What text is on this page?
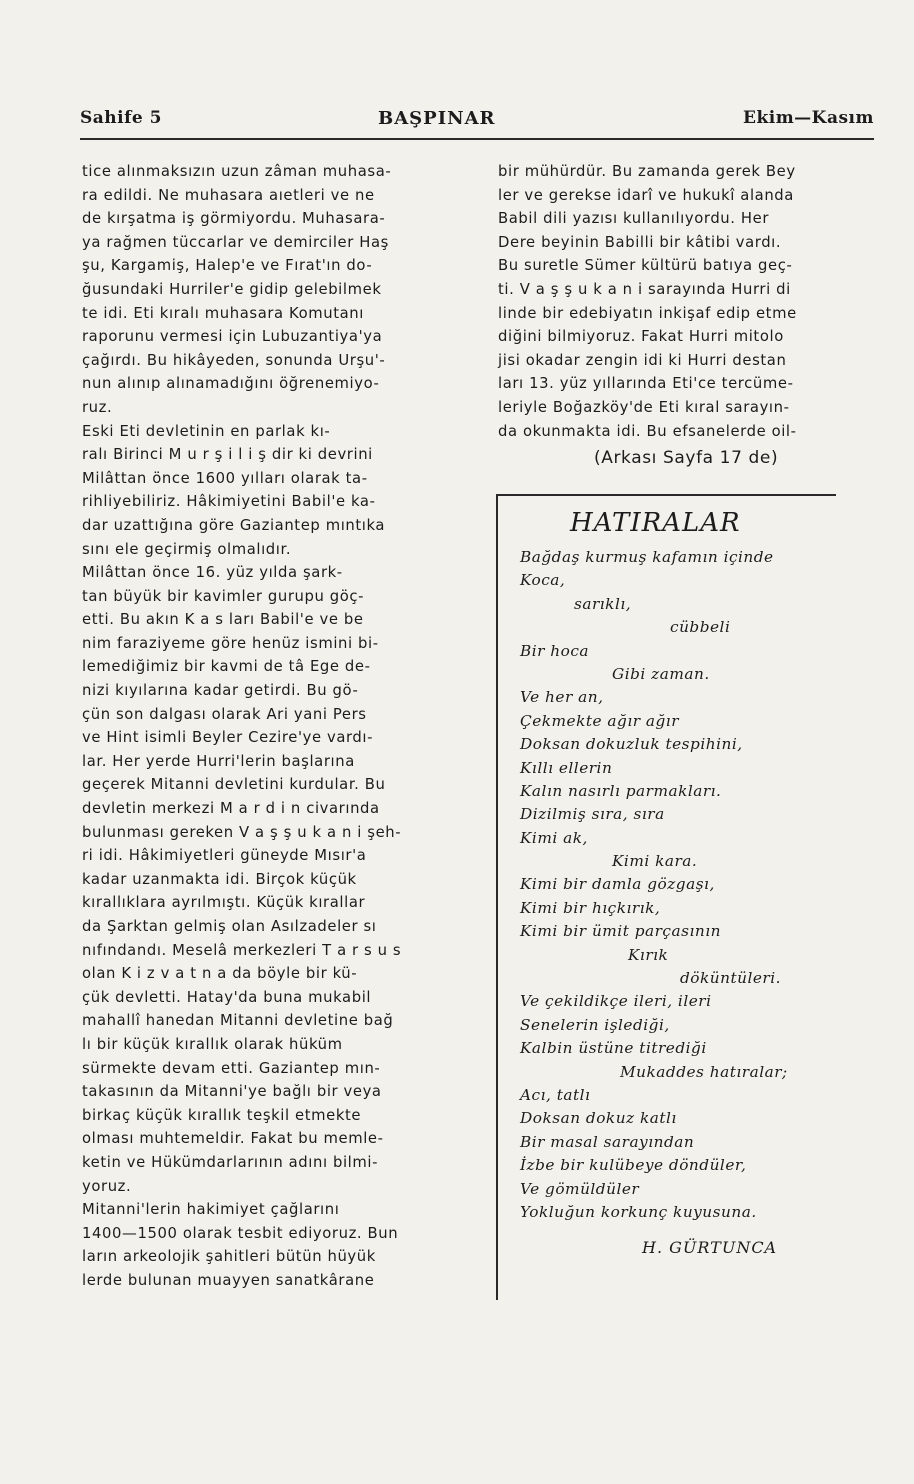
Sahife 5	BAŞPINAR	Ekim—Kasım
tice alınmaksızın uzun zâman muhasa-
ra edildi. Ne muhasara aıetleri ve ne
de kırşatma iş görmiyordu. Muhasara-
ya rağmen tüccarlar ve demirciler Haş
şu, Kargamiş, Halep'e ve Fırat'ın do-
ğusundaki Hurriler'e gidip gelebilmek
te idi. Eti kıralı muhasara Komutanı
raporunu vermesi için Lubuzantiya'ya
çağırdı. Bu hikâyeden, sonunda Urşu'-
nun alınıp alınamadığını öğrenemiyo-
ruz.
Eski Eti devletinin en parlak kı-
ralı Birinci M u r ş i l i ş dir ki devrini
Milâttan önce 1600 yılları olarak ta-
rihliyebiliriz. Hâkimiyetini Babil'e ka-
dar uzattığına göre Gaziantep mıntıka
sını ele geçirmiş olmalıdır.
Milâttan önce 16. yüz yılda şark-
tan büyük bir kavimler gurupu göç-
etti. Bu akın K a s ları Babil'e ve be
nim faraziyeme göre henüz ismini bi-
lemediğimiz bir kavmi de tâ Ege de-
nizi kıyılarına kadar getirdi. Bu gö-
çün son dalgası olarak Ari yani Pers
ve Hint isimli Beyler Cezire'ye vardı-
lar. Her yerde Hurri'lerin başlarına
geçerek Mitanni devletini kurdular. Bu
devletin merkezi M a r d i n civarında
bulunması gereken V a ş ş u k a n i şeh-
ri idi. Hâkimiyetleri güneyde Mısır'a
kadar uzanmakta idi. Birçok küçük
kırallıklara ayrılmıştı. Küçük kırallar
da Şarktan gelmiş olan Asılzadeler sı
nıfındandı. Meselâ merkezleri T a r s u s
olan K i z v a t n a da böyle bir kü-
çük devletti. Hatay'da buna mukabil
mahallî hanedan Mitanni devletine bağ
lı bir küçük kırallık olarak hüküm
sürmekte devam etti. Gaziantep mın-
takasının da Mitanni'ye bağlı bir veya
birkaç küçük kırallık teşkil etmekte
olması muhtemeldir. Fakat bu memle-
ketin ve Hükümdarlarının adını bilmi-
yoruz.
Mitanni'lerin hakimiyet çağlarını
1400—1500 olarak tesbit ediyoruz. Bun
ların arkeolojik şahitleri bütün hüyük
lerde bulunan muayyen sanatkârane
bir mühürdür. Bu zamanda gerek Bey
ler ve gerekse idarî ve hukukî alanda
Babil dili yazısı kullanılıyordu. Her
Dere beyinin Babilli bir kâtibi vardı.
Bu suretle Sümer kültürü batıya geç-
ti. V a ş ş u k a n i sarayında Hurri di
linde bir edebiyatın inkişaf edip etme
diğini bilmiyoruz. Fakat Hurri mitolo
jisi okadar zengin idi ki Hurri destan
ları 13. yüz yıllarında Eti'ce tercüme-
leriyle Boğazköy'de Eti kıral sarayın-
da okunmakta idi. Bu efsanelerde oil-
(Arkası Sayfa 17 de)
HATIRALAR
Bağdaş kurmuş kafamın içinde
Koca,
sarıklı,
cübbeli
Bir hoca
Gibi zaman.
Ve her an,
Çekmekte ağır ağır
Doksan dokuzluk tespihini,
Kıllı ellerin
Kalın nasırlı parmakları.
Dizilmiş sıra, sıra
Kimi ak,
Kimi kara.
Kimi bir damla gözgaşı,
Kimi bir hıçkırık,
Kimi bir ümit parçasının
Kırık
döküntüleri.
Ve çekildikçe ileri, ileri
Senelerin işlediği,
Kalbin üstüne titrediği
Mukaddes hatıralar;
Acı, tatlı
Doksan dokuz katlı
Bir masal sarayından
İzbe bir kulübeye döndüler,
Ve gömüldüler
Yokluğun korkunç kuyusuna.
H. GÜRTUNCA
